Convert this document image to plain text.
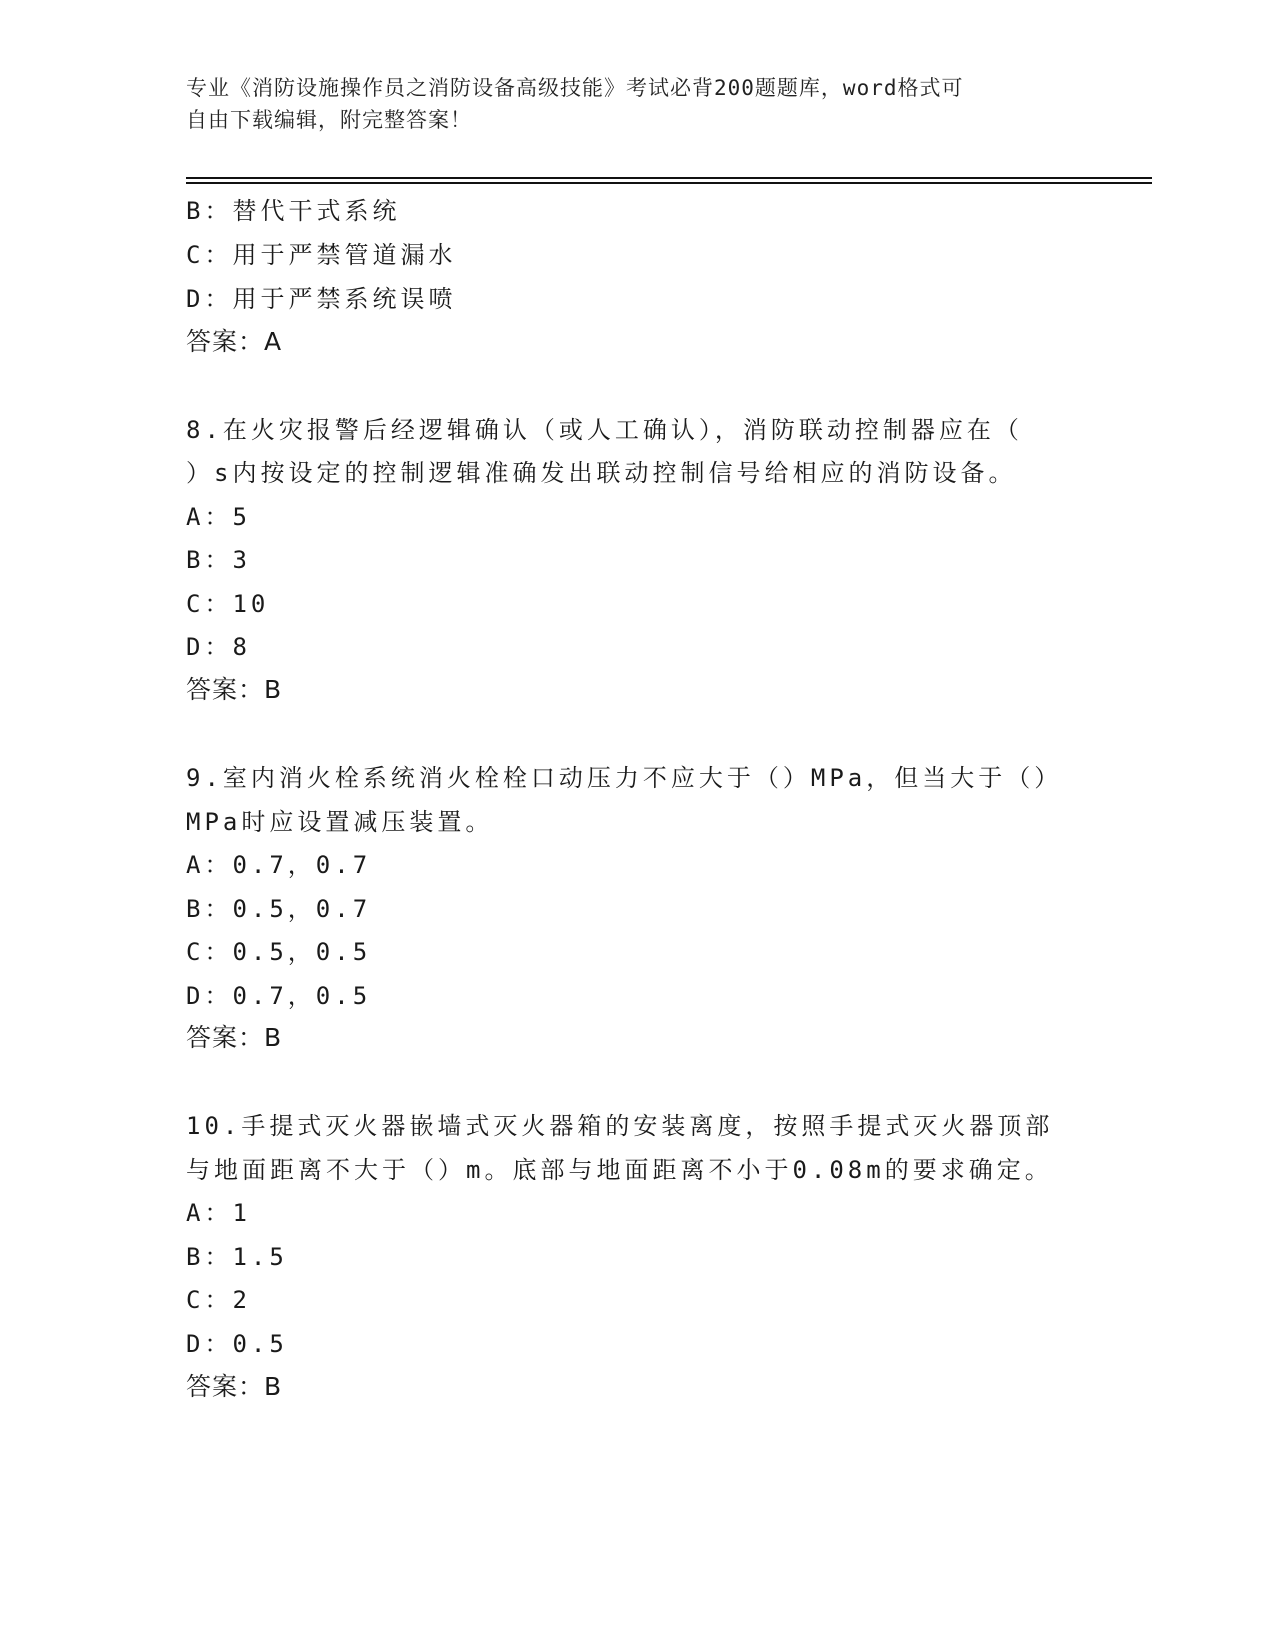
专业《消防设施操作员之消防设备高级技能》考试必背200题题库，word格式可
自由下载编辑，附完整答案！
B：替代干式系统
C：用于严禁管道漏水
D：用于严禁系统误喷
答案：A
8.在火灾报警后经逻辑确认（或人工确认），消防联动控制器应在（
）s内按设定的控制逻辑准确发出联动控制信号给相应的消防设备。
A：5
B：3
C：10
D：8
答案：B
9.室内消火栓系统消火栓栓口动压力不应大于（）MPa，但当大于（）
MPa时应设置减压装置。
A：0.7，0.7
B：0.5，0.7
C：0.5，0.5
D：0.7，0.5
答案：B
10.手提式灭火器嵌墙式灭火器箱的安装离度，按照手提式灭火器顶部
与地面距离不大于（）m。底部与地面距离不小于0.08m的要求确定。
A：1
B：1.5
C：2
D：0.5
答案：B
